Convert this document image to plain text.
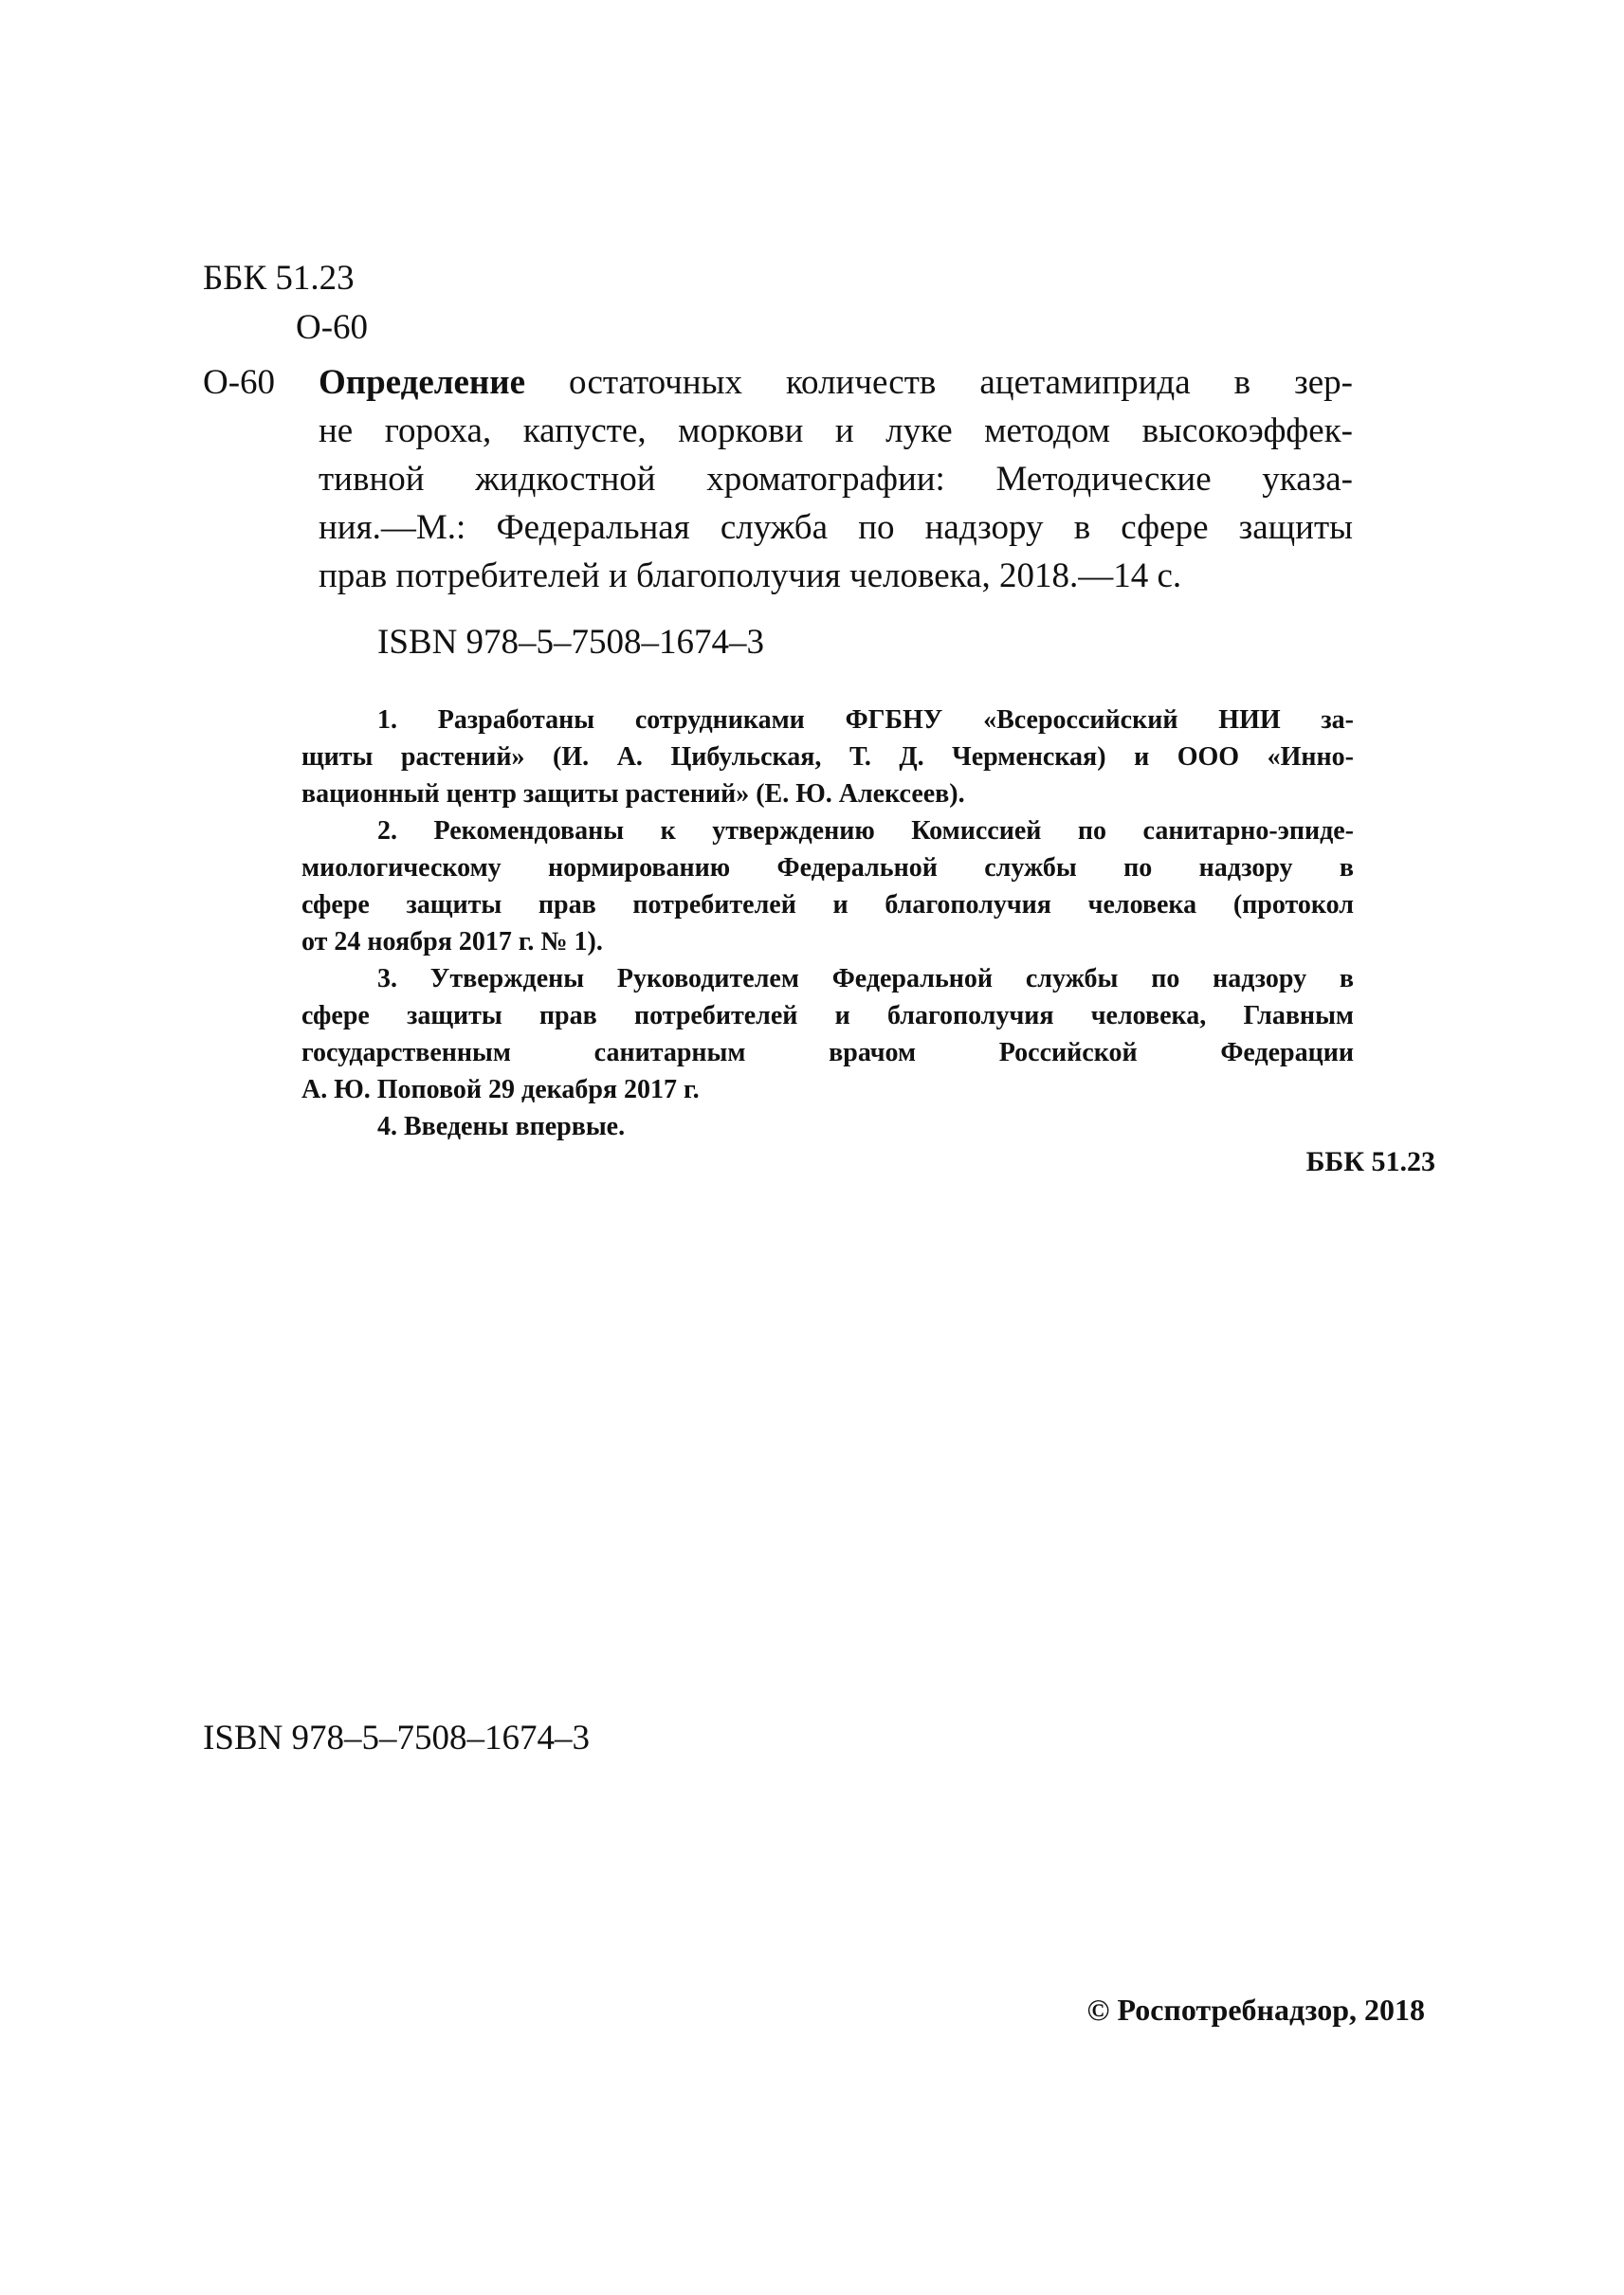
ББК 51.23
О-60
О-60 Определение остаточных количеств ацетамиприда в зер-
не гороха, капусте, моркови и луке методом высокоэффек-
тивной жидкостной хроматографии: Методические указа-
ния.—М.: Федеральная служба по надзору в сфере защиты
прав потребителей и благополучия человека, 2018.—14 с.
ISBN 978–5–7508–1674–3
1. Разработаны сотрудниками ФГБНУ «Всероссийский НИИ за-
щиты растений» (И. А. Цибульская, Т. Д. Черменская) и ООО «Инно-
вационный центр защиты растений» (Е. Ю. Алексеев).
2. Рекомендованы к утверждению Комиссией по санитарно-эпиде-
миологическому нормированию Федеральной службы по надзору в
сфере защиты прав потребителей и благополучия человека (протокол
от 24 ноября 2017 г. № 1).
3. Утверждены Руководителем Федеральной службы по надзору в
сфере защиты прав потребителей и благополучия человека, Главным
государственным санитарным врачом Российской Федерации
А. Ю. Поповой 29 декабря 2017 г.
4. Введены впервые.
ББК 51.23
ISBN 978–5–7508–1674–3
© Роспотребнадзор, 2018
